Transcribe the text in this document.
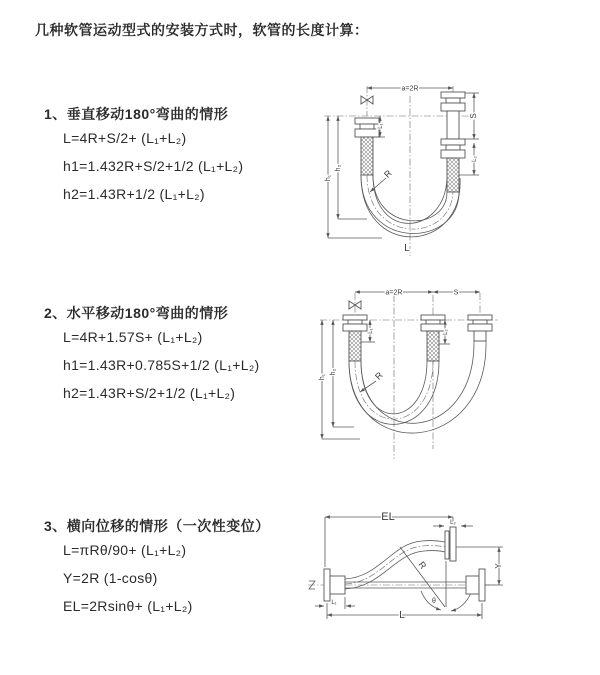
几种软管运动型式的安装方式时，软管的长度计算：
1、垂直移动180°弯曲的情形
L=4R+S/2+ (L₁+L₂)
h1=1.432R+S/2+1/2 (L₁+L₂)
h2=1.43R+1/2 (L₁+L₂)
2、水平移动180°弯曲的情形
L=4R+1.57S+ (L₁+L₂)
h1=1.43R+0.785S+1/2 (L₁+L₂)
h2=1.43R+S/2+1/2 (L₁+L₂)
3、横向位移的情形（一次性变位）
L=πRθ/90+ (L₁+L₂)
Y=2R (1-cosθ)
EL=2Rsinθ+ (L₁+L₂)
a=2R
S
L₂
L₁
h₁
h₂
R
L
a=2R	S
h₁
h₂
L₁	L₂
R
EL	L₂
Y
R
θ
L₁
L
